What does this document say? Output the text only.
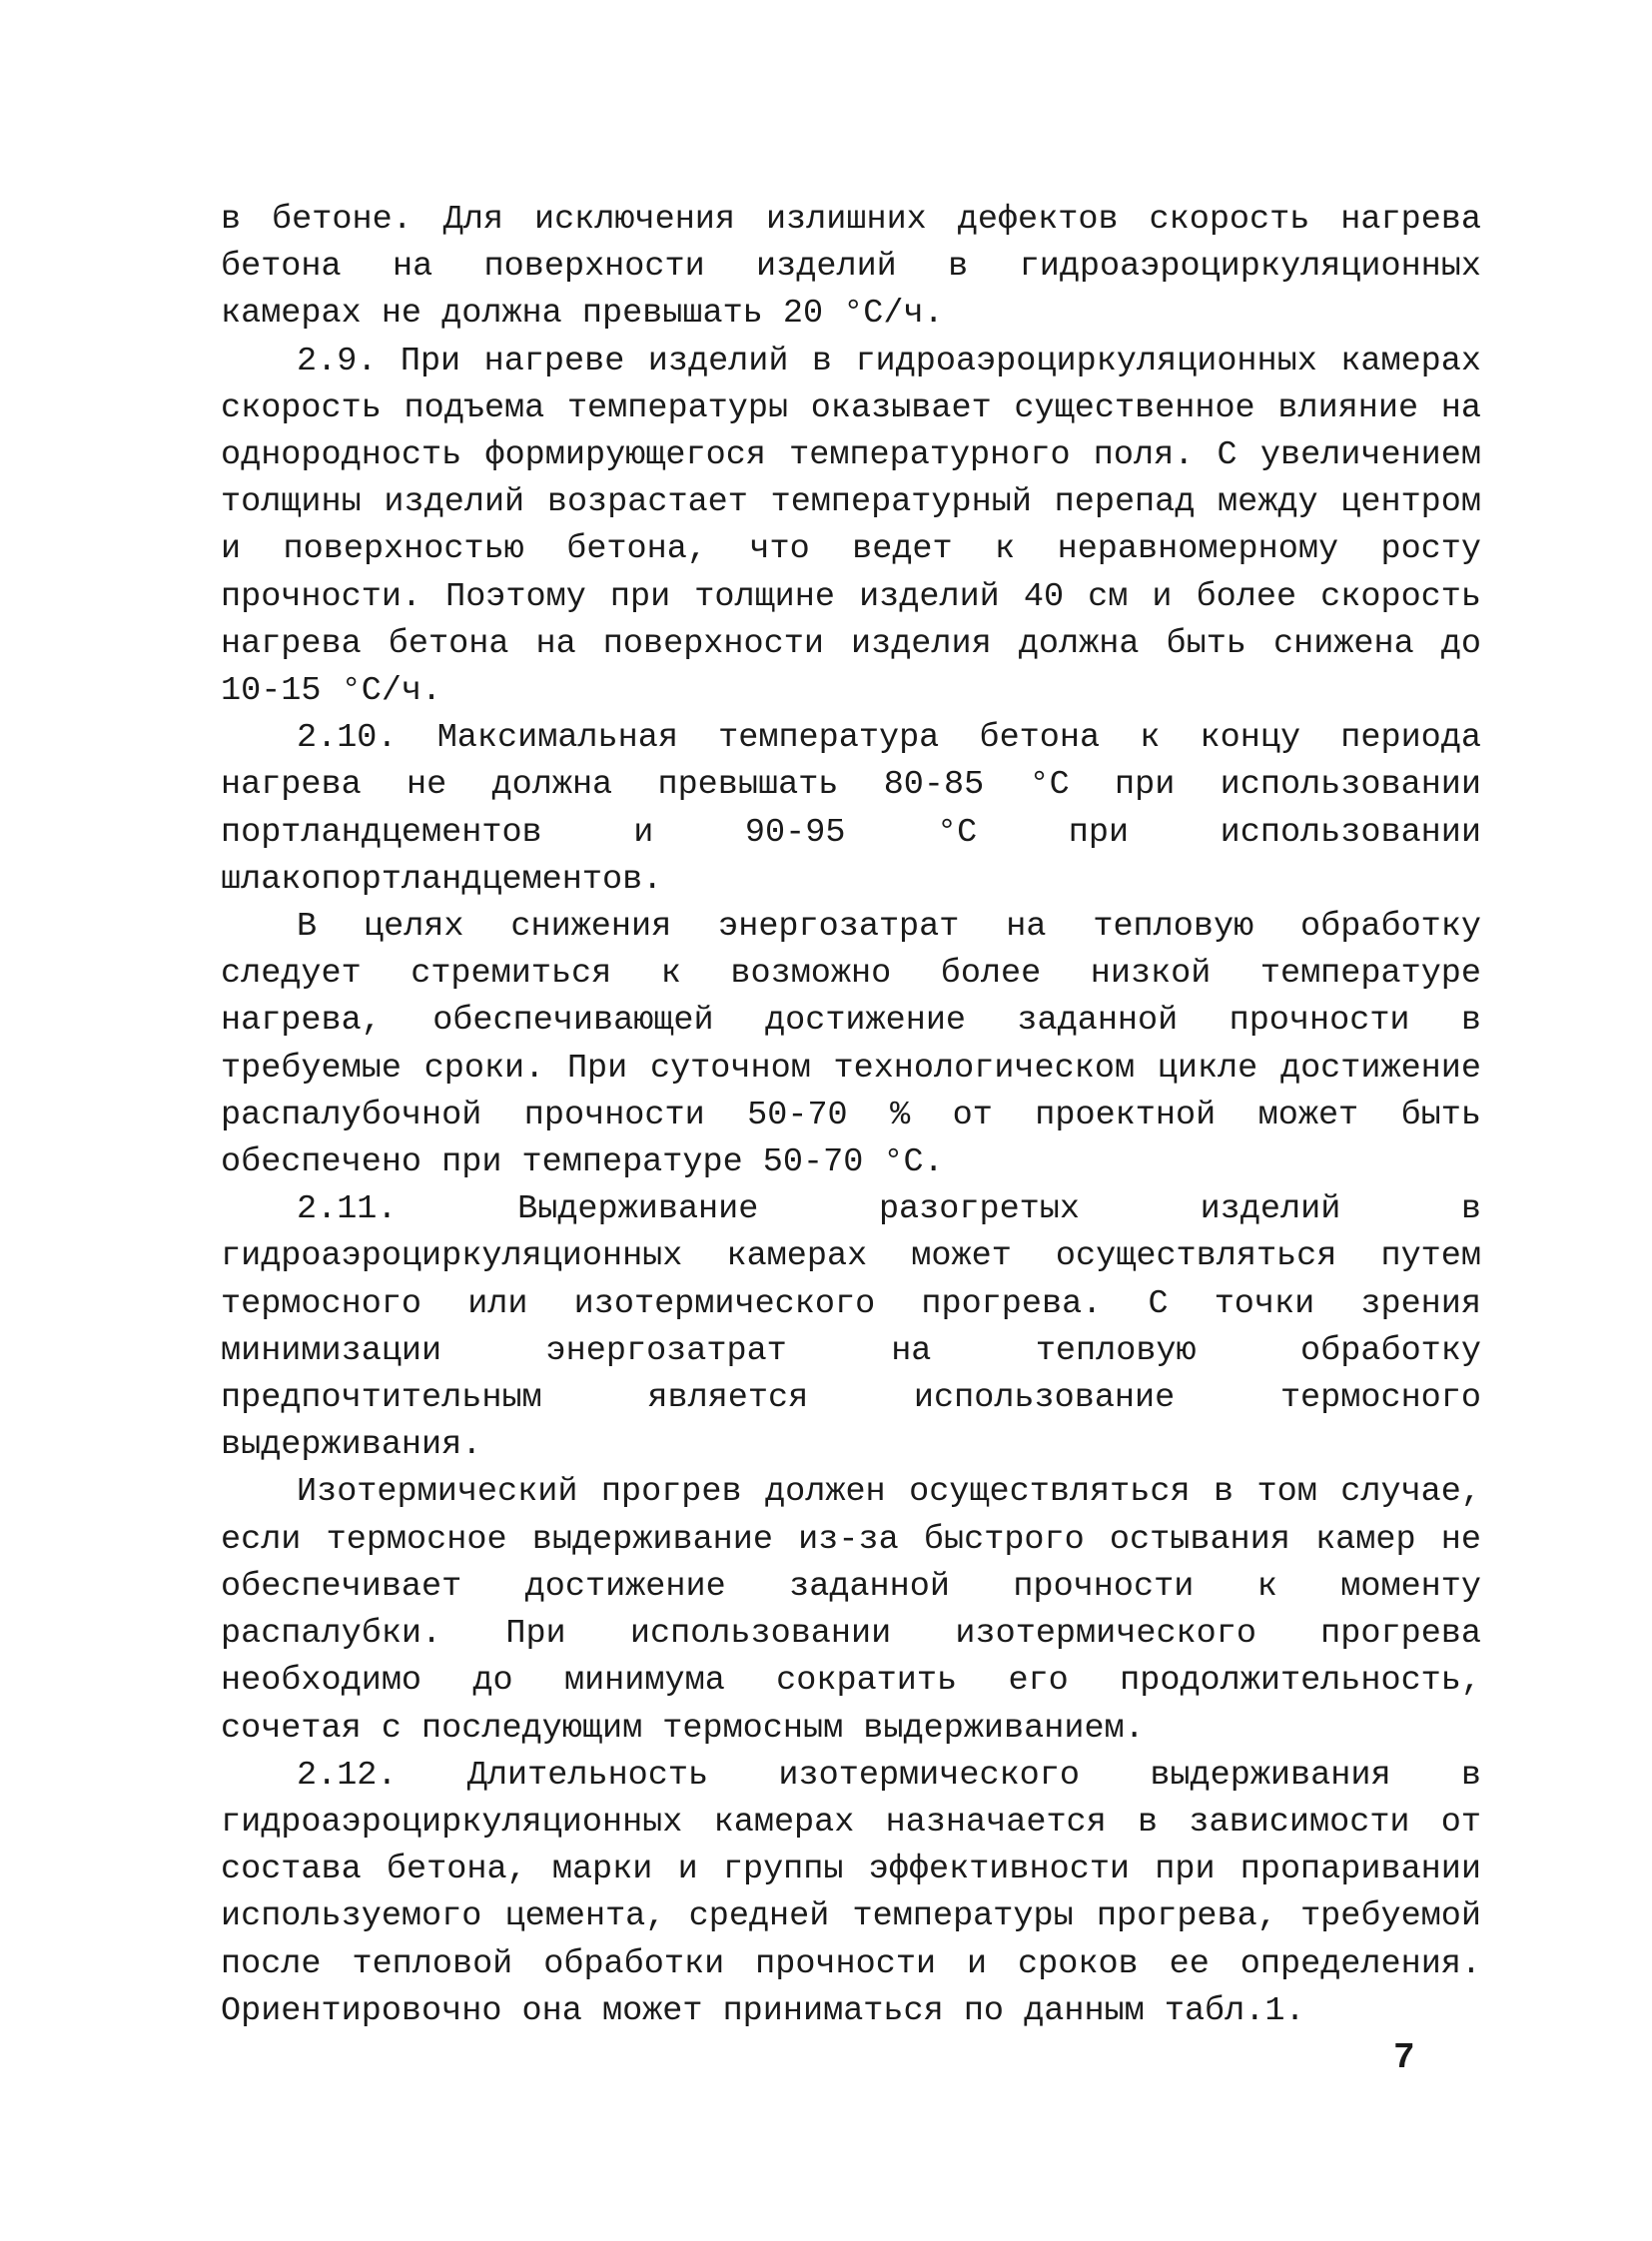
в бетоне. Для исключения излишних дефектов скорость нагрева бетона на поверхности изделий в гидроаэроциркуляционных камерах не должна превышать 20 °С/ч.

2.9. При нагреве изделий в гидроаэроциркуляционных камерах скорость подъема температуры оказывает существенное влияние на однородность формирующегося температурного поля. С увеличением толщины изделий возрастает температурный перепад между центром и поверхностью бетона, что ведет к неравномерному росту прочности. Поэтому при толщине изделий 40 см и более скорость нагрева бетона на поверхности изделия должна быть снижена до 10-15 °С/ч.

2.10. Максимальная температура бетона к концу периода нагрева не должна превышать 80-85 °С при использовании портландцементов и 90-95 °С при использовании шлакопортландцементов.

В целях снижения энергозатрат на тепловую обработку следует стремиться к возможно более низкой температуре нагрева, обеспечивающей достижение заданной прочности в требуемые сроки. При суточном технологическом цикле достижение распалубочной прочности 50-70 % от проектной может быть обеспечено при температуре 50-70 °С.

2.11. Выдерживание разогретых изделий в гидроаэроциркуляционных камерах может осуществляться путем термосного или изотермического прогрева. С точки зрения минимизации энергозатрат на тепловую обработку предпочтительным является использование термосного выдерживания.

Изотермический прогрев должен осуществляться в том случае, если термосное выдерживание из-за быстрого остывания камер не обеспечивает достижение заданной прочности к моменту распалубки. При использовании изотермического прогрева необходимо до минимума сократить его продолжительность, сочетая с последующим термосным выдерживанием.

2.12. Длительность изотермического выдерживания в гидроаэроциркуляционных камерах назначается в зависимости от состава бетона, марки и группы эффективности при пропаривании используемого цемента, средней температуры прогрева, требуемой после тепловой обработки прочности и сроков ее определения. Ориентировочно она может приниматься по данным табл.1.

7
